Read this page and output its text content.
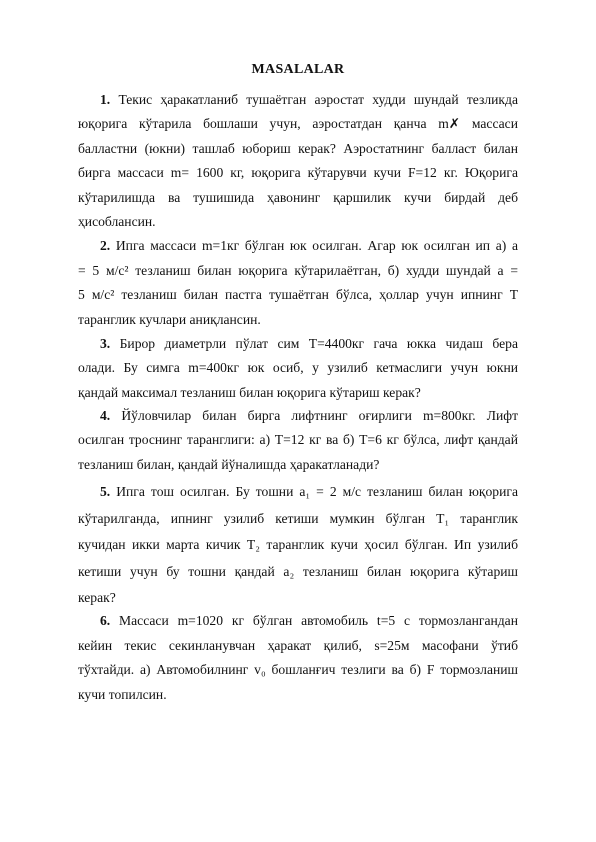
MASALALAR
1. Текис ҳаракатланиб тушаётган аэростат худди шундай тезликда
юқорига кўтарила бошлаши учун, аэростатдан қанча m✗ массаси
балластни (юкни) ташлаб юбориш керак? Аэростатнинг балласт билан
бирга массаси m= 1600 кг, юқорига кўтарувчи кучи F=12 кг. Юқорига
кўтарилишда ва тушишида ҳавонинг қаршилик кучи бирдай деб
ҳисоблансин.
2. Ипга массаси m=1кг бўлган юк осилган. Агар юк осилган ип а) a
= 5 м/с² тезланиш билан юқорига кўтарилаётган, б) худди шундай a =
5 м/с² тезланиш билан пастга тушаётган бўлса, ҳоллар учун ипнинг T
таранглик кучлари аниқлансин.
3. Бирор диаметрли пўлат сим T=4400кг гача юкка чидаш бера
олади. Бу симга m=400кг юк осиб, у узилиб кетмаслиги учун юкни
қандай максимал тезланиш билан юқорига кўтариш керак?
4. Йўловчилар билан бирга лифтнинг оғирлиги m=800кг. Лифт
осилган троснинг таранглиги: а) T=12 кг ва б) T=6 кг бўлса, лифт қандай
тезланиш билан, қандай йўналишда ҳаракатланади?
5. Ипга тош осилган. Бу тошни a₁ = 2 м/с тезланиш билан юқорига
кўтарилганда, ипнинг узилиб кетиши мумкин бўлган T₁ таранглик
кучидан икки марта кичик T₂ таранглик кучи ҳосил бўлган. Ип узилиб
кетиши учун бу тошни қандай a₂ тезланиш билан юқорига кўтариш
керак?
6. Массаси m=1020 кг бўлган автомобиль t=5 с тормозлангандан
кейин текис секинланувчан ҳаракат қилиб, s=25м масофани ўтиб
тўхтайди. а) Автомобилнинг v₀ бошланғич тезлиги ва б) F тормозланиш
кучи топилсин.
